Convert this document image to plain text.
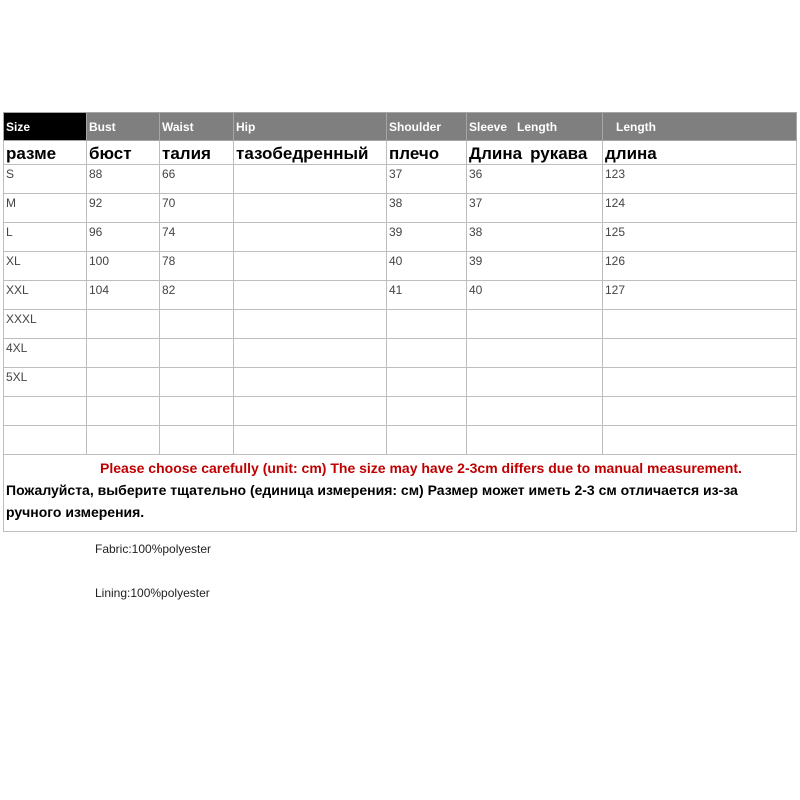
Size	Bust	Waist	Hip	Shoulder	Sleeve Length	Length
разме	бюст	талия	тазобедренный	плечо	Длина рукава	длина
S	88	66		37	36	123
M	92	70		38	37	124
L	96	74		39	38	125
XL	100	78		40	39	126
XXL	104	82		41	40	127
XXXL						
4XL						
5XL						

Please choose carefully (unit: cm) The size may have 2-3cm differs due to manual measurement.
Пожалуйста, выберите тщательно (единица измерения: см) Размер может иметь 2-3 см отличается из-за ручного измерения.						
Fabric:100%polyester
Lining:100%polyester
